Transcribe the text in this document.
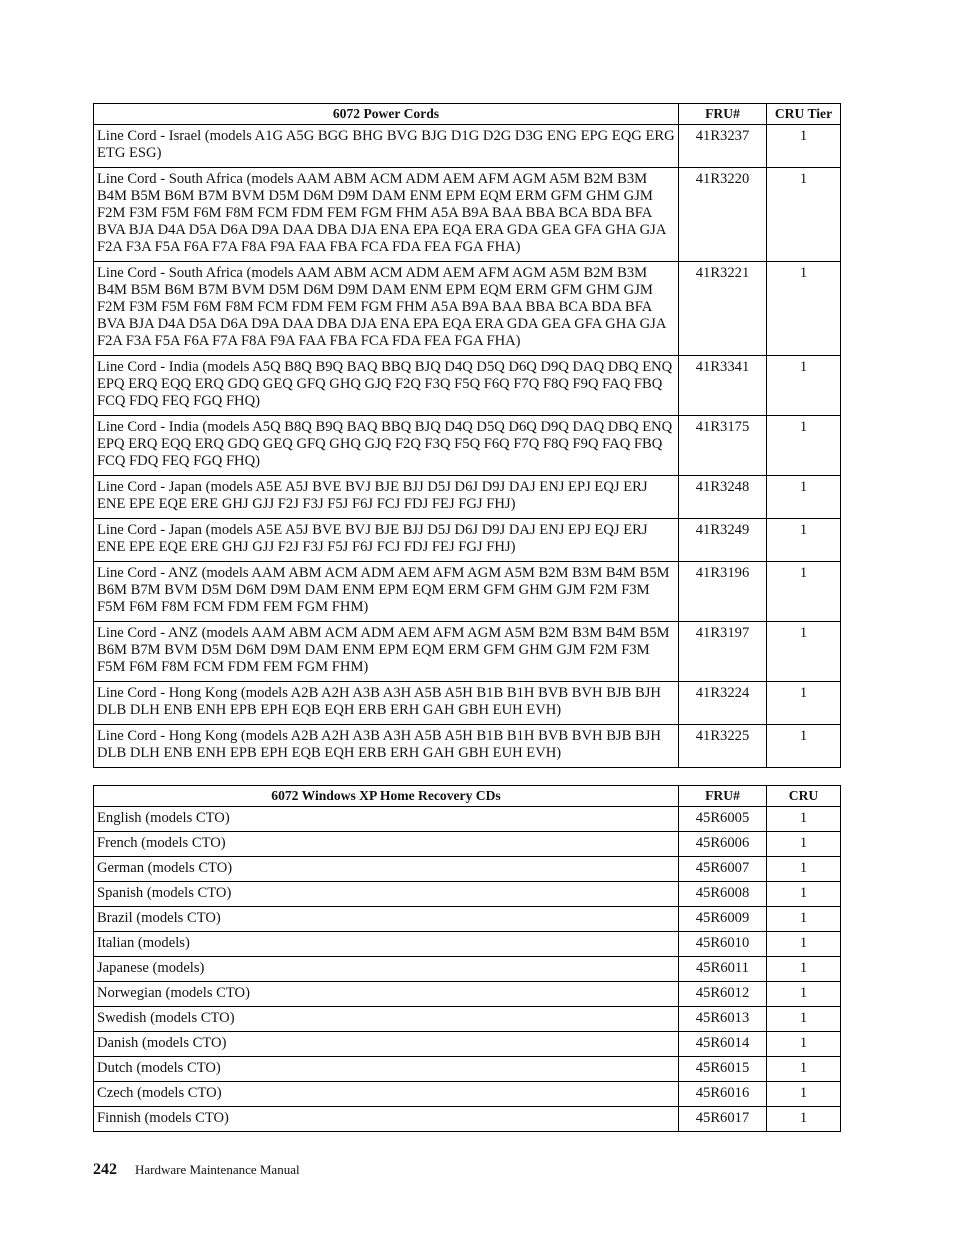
6072 Power Cords	FRU#	CRU Tier
Line Cord - Israel (models A1G A5G BGG BHG BVG BJG D1G D2G D3G ENG EPG EQG ERG ETG ESG)	41R3237	1
Line Cord - South Africa (models AAM ABM ACM ADM AEM AFM AGM A5M B2M B3M B4M B5M B6M B7M BVM D5M D6M D9M DAM ENM EPM EQM ERM GFM GHM GJM F2M F3M F5M F6M F8M FCM FDM FEM FGM FHM A5A B9A BAA BBA BCA BDA BFA BVA BJA D4A D5A D6A D9A DAA DBA DJA ENA EPA EQA ERA GDA GEA GFA GHA GJA F2A F3A F5A F6A F7A F8A F9A FAA FBA FCA FDA FEA FGA FHA)	41R3220	1
Line Cord - South Africa (models AAM ABM ACM ADM AEM AFM AGM A5M B2M B3M B4M B5M B6M B7M BVM D5M D6M D9M DAM ENM EPM EQM ERM GFM GHM GJM F2M F3M F5M F6M F8M FCM FDM FEM FGM FHM A5A B9A BAA BBA BCA BDA BFA BVA BJA D4A D5A D6A D9A DAA DBA DJA ENA EPA EQA ERA GDA GEA GFA GHA GJA F2A F3A F5A F6A F7A F8A F9A FAA FBA FCA FDA FEA FGA FHA)	41R3221	1
Line Cord - India (models A5Q B8Q B9Q BAQ BBQ BJQ D4Q D5Q D6Q D9Q DAQ DBQ ENQ EPQ ERQ EQQ ERQ GDQ GEQ GFQ GHQ GJQ F2Q F3Q F5Q F6Q F7Q F8Q F9Q FAQ FBQ FCQ FDQ FEQ FGQ FHQ)	41R3341	1
Line Cord - India (models A5Q B8Q B9Q BAQ BBQ BJQ D4Q D5Q D6Q D9Q DAQ DBQ ENQ EPQ ERQ EQQ ERQ GDQ GEQ GFQ GHQ GJQ F2Q F3Q F5Q F6Q F7Q F8Q F9Q FAQ FBQ FCQ FDQ FEQ FGQ FHQ)	41R3175	1
Line Cord - Japan (models A5E A5J BVE BVJ BJE BJJ D5J D6J D9J DAJ ENJ EPJ EQJ ERJ ENE EPE EQE ERE GHJ GJJ F2J F3J F5J F6J FCJ FDJ FEJ FGJ FHJ)	41R3248	1
Line Cord - Japan (models A5E A5J BVE BVJ BJE BJJ D5J D6J D9J DAJ ENJ EPJ EQJ ERJ ENE EPE EQE ERE GHJ GJJ F2J F3J F5J F6J FCJ FDJ FEJ FGJ FHJ)	41R3249	1
Line Cord - ANZ (models AAM ABM ACM ADM AEM AFM AGM A5M B2M B3M B4M B5M B6M B7M BVM D5M D6M D9M DAM ENM EPM EQM ERM GFM GHM GJM F2M F3M F5M F6M F8M FCM FDM FEM FGM FHM)	41R3196	1
Line Cord - ANZ (models AAM ABM ACM ADM AEM AFM AGM A5M B2M B3M B4M B5M B6M B7M BVM D5M D6M D9M DAM ENM EPM EQM ERM GFM GHM GJM F2M F3M F5M F6M F8M FCM FDM FEM FGM FHM)	41R3197	1
Line Cord - Hong Kong (models A2B A2H A3B A3H A5B A5H B1B B1H BVB BVH BJB BJH DLB DLH ENB ENH EPB EPH EQB EQH ERB ERH GAH GBH EUH EVH)	41R3224	1
Line Cord - Hong Kong (models A2B A2H A3B A3H A5B A5H B1B B1H BVB BVH BJB BJH DLB DLH ENB ENH EPB EPH EQB EQH ERB ERH GAH GBH EUH EVH)	41R3225	1
6072 Windows XP Home Recovery CDs	FRU#	CRU
English (models CTO)	45R6005	1
French (models CTO)	45R6006	1
German (models CTO)	45R6007	1
Spanish (models CTO)	45R6008	1
Brazil (models CTO)	45R6009	1
Italian (models)	45R6010	1
Japanese (models)	45R6011	1
Norwegian (models CTO)	45R6012	1
Swedish (models CTO)	45R6013	1
Danish (models CTO)	45R6014	1
Dutch (models CTO)	45R6015	1
Czech (models CTO)	45R6016	1
Finnish (models CTO)	45R6017	1
242 Hardware Maintenance Manual
